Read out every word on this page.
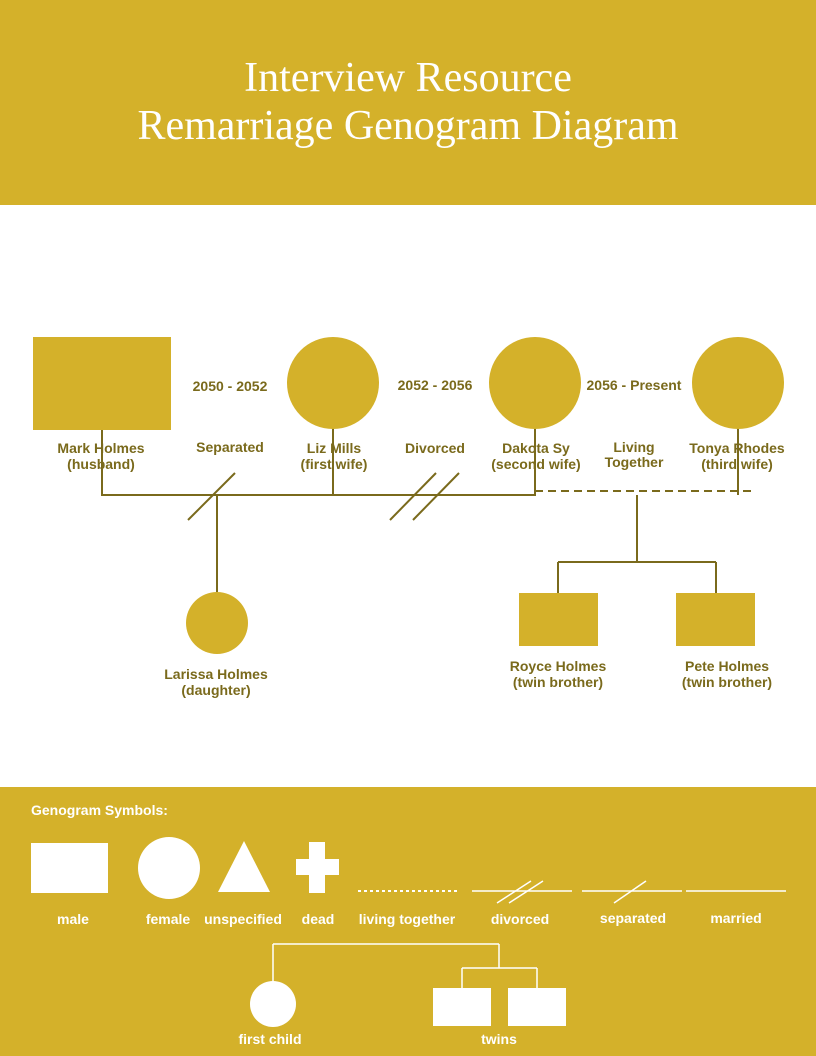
Interview Resource
Remarriage Genogram Diagram
2050 - 2052	2052 - 2056	2056 - Present
Separated	Divorced	Living
Together
Mark Holmes
(husband)
Liz Mills
(first wife)
Dakota Sy
(second wife)
Tonya Rhodes
(third wife)
Larissa Holmes
(daughter)
Royce Holmes
(twin brother)
Pete Holmes
(twin brother)
Genogram Symbols:
male	female unspecified dead living together	divorced	separated	married
first child	twins
